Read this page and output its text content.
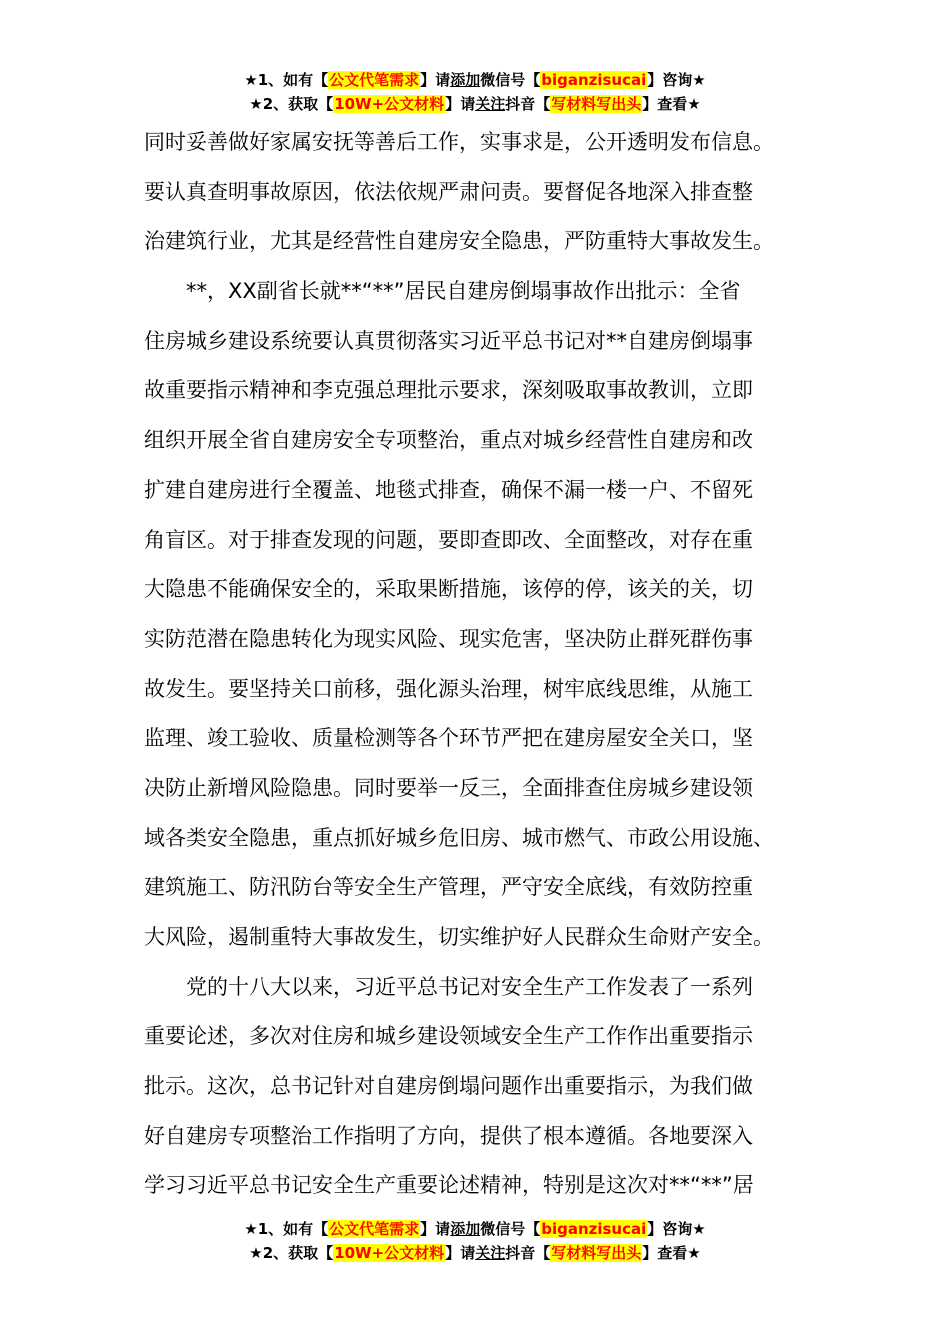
★1、如有【公文代笔需求】请添加微信号【biganzisucai】咨询★
★2、获取【10W+公文材料】请关注抖音【写材料写出头】查看★
同时妥善做好家属安抚等善后工作，实事求是，公开透明发布信息。
要认真查明事故原因，依法依规严肃问责。要督促各地深入排查整
治建筑行业，尤其是经营性自建房安全隐患，严防重特大事故发生。
　　**，XX副省长就**“**”居民自建房倒塌事故作出批示：全省
住房城乡建设系统要认真贯彻落实习近平总书记对**自建房倒塌事
故重要指示精神和李克强总理批示要求，深刻吸取事故教训，立即
组织开展全省自建房安全专项整治，重点对城乡经营性自建房和改
扩建自建房进行全覆盖、地毯式排查，确保不漏一楼一户、不留死
角盲区。对于排查发现的问题，要即查即改、全面整改，对存在重
大隐患不能确保安全的，采取果断措施，该停的停，该关的关，切
实防范潜在隐患转化为现实风险、现实危害，坚决防止群死群伤事
故发生。要坚持关口前移，强化源头治理，树牢底线思维，从施工
监理、竣工验收、质量检测等各个环节严把在建房屋安全关口，坚
决防止新增风险隐患。同时要举一反三，全面排查住房城乡建设领
域各类安全隐患，重点抓好城乡危旧房、城市燃气、市政公用设施、
建筑施工、防汛防台等安全生产管理，严守安全底线，有效防控重
大风险，遏制重特大事故发生，切实维护好人民群众生命财产安全。
　　党的十八大以来，习近平总书记对安全生产工作发表了一系列
重要论述，多次对住房和城乡建设领域安全生产工作作出重要指示
批示。这次，总书记针对自建房倒塌问题作出重要指示，为我们做
好自建房专项整治工作指明了方向，提供了根本遵循。各地要深入
学习习近平总书记安全生产重要论述精神，特别是这次对**“**”居
★1、如有【公文代笔需求】请添加微信号【biganzisucai】咨询★
★2、获取【10W+公文材料】请关注抖音【写材料写出头】查看★
